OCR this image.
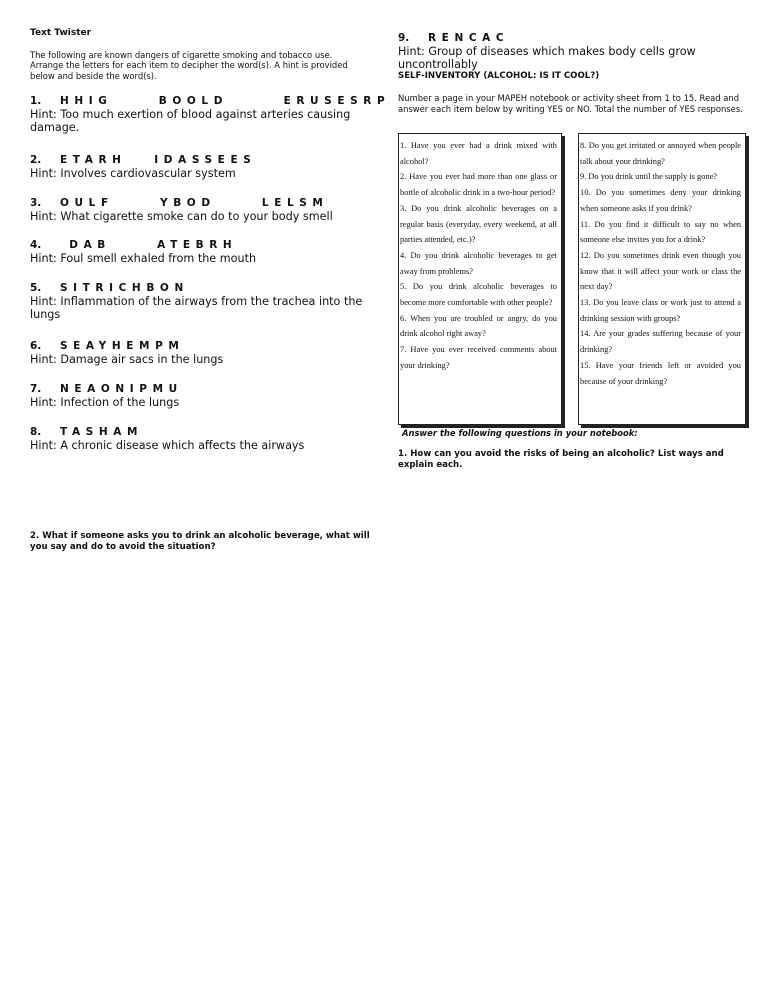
Text Twister
The following are known dangers of cigarette smoking and tobacco use. Arrange the letters for each item to decipher the word(s). A hint is provided below and beside the word(s).
1. HHIG     BOOLD      ERUSESRP
Hint: Too much exertion of blood against arteries causing damage.
2. ETARH   IDASSEES
Hint: Involves cardiovascular system
3. OULF     YBOD     LELSM
Hint: What cigarette smoke can do to your body smell
4. DAB     ATEBRH
Hint: Foul smell exhaled from the mouth
5. SITRICHBON
Hint: Inflammation of the airways from the trachea into the lungs
6. SEAYHEMPM
Hint: Damage air sacs in the lungs
7. NEAONIPMU
Hint: Infection of the lungs
8. TASHAM
Hint: A chronic disease which affects the airways
2. What if someone asks you to drink an alcoholic beverage, what will you say and do to avoid the situation?
9. RENCAC
Hint: Group of diseases which makes body cells grow uncontrollably
SELF-INVENTORY (ALCOHOL: IS IT COOL?)
Number a page in your MAPEH notebook or activity sheet from 1 to 15. Read and answer each item below by writing YES or NO. Total the number of YES responses.
1. Have you ever had a drink mixed with alcohol?
2. Have you ever had more than one glass or bottle of alcoholic drink in a two-hour period?
3. Do you drink alcoholic beverages on a regular basis (everyday, every weekend, at all parties attended, etc.)?
4. Do you drink alcoholic beverages to get away from problems?
5. Do you drink alcoholic beverages to become more comfortable with other people?
6. When you are troubled or angry, do you drink alcohol right away?
7. Have you ever received comments about your drinking?
8. Do you get irritated or annoyed when people talk about your drinking?
9. Do you drink until the supply is gone?
10. Do you sometimes deny your drinking when someone asks if you drink?
11. Do you find it difficult to say no when someone else invites you for a drink?
12. Do you sometimes drink even though you know that it will affect your work or class the next day?
13. Do you leave class or work just to attend a drinking session with groups?
14. Are your grades suffering because of your drinking?
15. Have your friends left or avoided you because of your drinking?
Answer the following questions in your notebook:
1. How can you avoid the risks of being an alcoholic? List ways and explain each.
